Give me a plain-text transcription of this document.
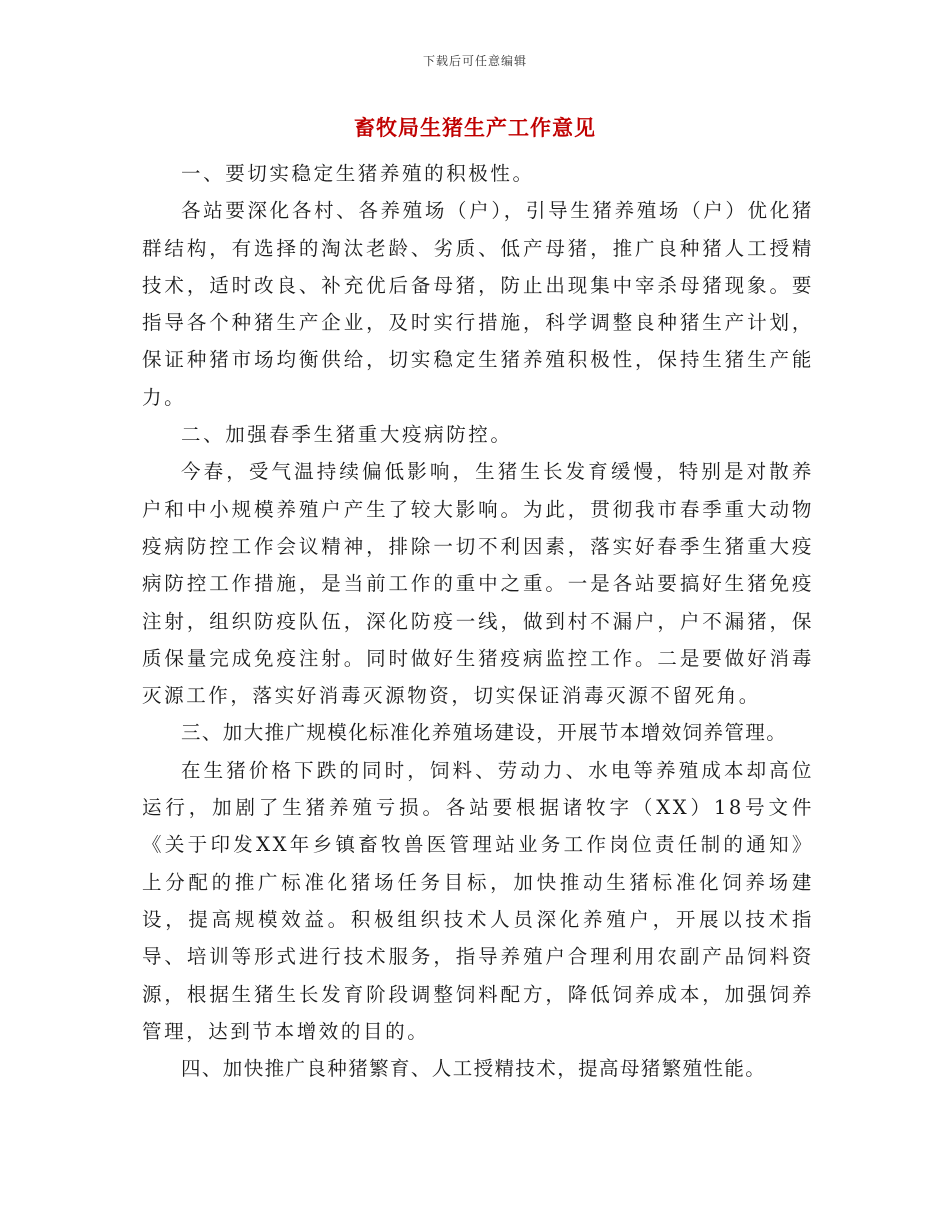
下载后可任意编辑
畜牧局生猪生产工作意见

一、要切实稳定生猪养殖的积极性。

各站要深化各村、各养殖场（户），引导生猪养殖场（户）优化猪群结构，有选择的淘汰老龄、劣质、低产母猪，推广良种猪人工授精技术，适时改良、补充优后备母猪，防止出现集中宰杀母猪现象。要指导各个种猪生产企业，及时实行措施，科学调整良种猪生产计划，保证种猪市场均衡供给，切实稳定生猪养殖积极性，保持生猪生产能力。

二、加强春季生猪重大疫病防控。

今春，受气温持续偏低影响，生猪生长发育缓慢，特别是对散养户和中小规模养殖户产生了较大影响。为此，贯彻我市春季重大动物疫病防控工作会议精神，排除一切不利因素，落实好春季生猪重大疫病防控工作措施，是当前工作的重中之重。一是各站要搞好生猪免疫注射，组织防疫队伍，深化防疫一线，做到村不漏户，户不漏猪，保质保量完成免疫注射。同时做好生猪疫病监控工作。二是要做好消毒灭源工作，落实好消毒灭源物资，切实保证消毒灭源不留死角。

三、加大推广规模化标准化养殖场建设，开展节本增效饲养管理。

在生猪价格下跌的同时，饲料、劳动力、水电等养殖成本却高位运行，加剧了生猪养殖亏损。各站要根据诸牧字（XX）18号文件《关于印发XX年乡镇畜牧兽医管理站业务工作岗位责任制的通知》上分配的推广标准化猪场任务目标，加快推动生猪标准化饲养场建设，提高规模效益。积极组织技术人员深化养殖户，开展以技术指导、培训等形式进行技术服务，指导养殖户合理利用农副产品饲料资源，根据生猪生长发育阶段调整饲料配方，降低饲养成本，加强饲养管理，达到节本增效的目的。

四、加快推广良种猪繁育、人工授精技术，提高母猪繁殖性能。
